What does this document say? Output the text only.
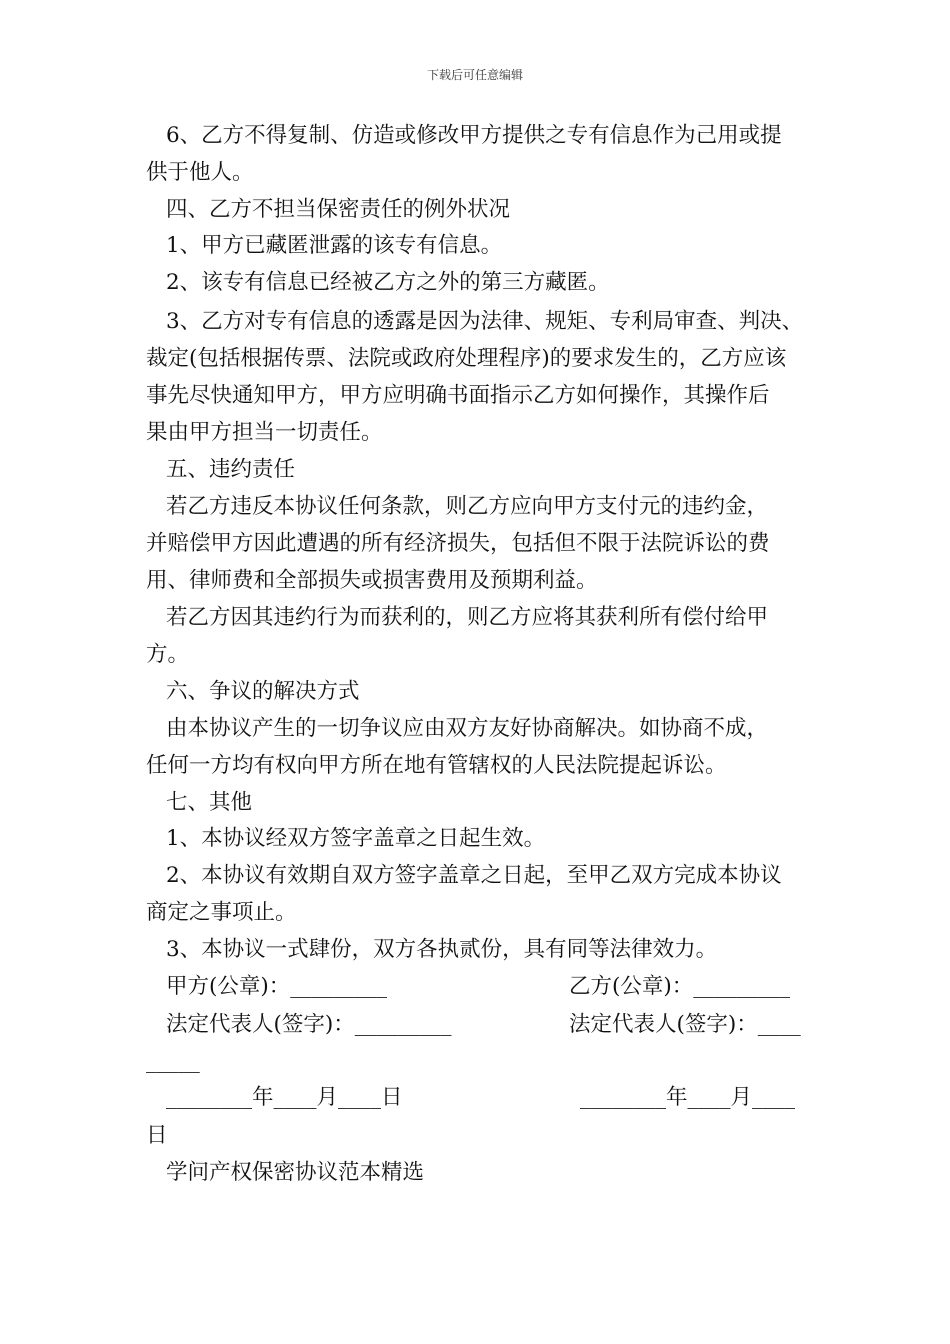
下载后可任意编辑
6、乙方不得复制、仿造或修改甲方提供之专有信息作为己用或提
供于他人。
四、乙方不担当保密责任的例外状况
1、甲方已藏匿泄露的该专有信息。
2、该专有信息已经被乙方之外的第三方藏匿。
3、乙方对专有信息的透露是因为法律、规矩、专利局审查、判决、
裁定(包括根据传票、法院或政府处理程序)的要求发生的，乙方应该
事先尽快通知甲方，甲方应明确书面指示乙方如何操作，其操作后
果由甲方担当一切责任。
五、违约责任
若乙方违反本协议任何条款，则乙方应向甲方支付元的违约金，
并赔偿甲方因此遭遇的所有经济损失，包括但不限于法院诉讼的费
用、律师费和全部损失或损害费用及预期利益。
若乙方因其违约行为而获利的，则乙方应将其获利所有偿付给甲
方。
六、争议的解决方式
由本协议产生的一切争议应由双方友好协商解决。如协商不成，
任何一方均有权向甲方所在地有管辖权的人民法院提起诉讼。
七、其他
1、本协议经双方签字盖章之日起生效。
2、本协议有效期自双方签字盖章之日起，至甲乙双方完成本协议
商定之事项止。
3、本协议一式肆份，双方各执贰份，具有同等法律效力。
甲方(公章)：_________	乙方(公章)：_________
法定代表人(签字)：_________	法定代表人(签字)：____
_____
________年____月____日	________年____月____
日
学问产权保密协议范本精选
